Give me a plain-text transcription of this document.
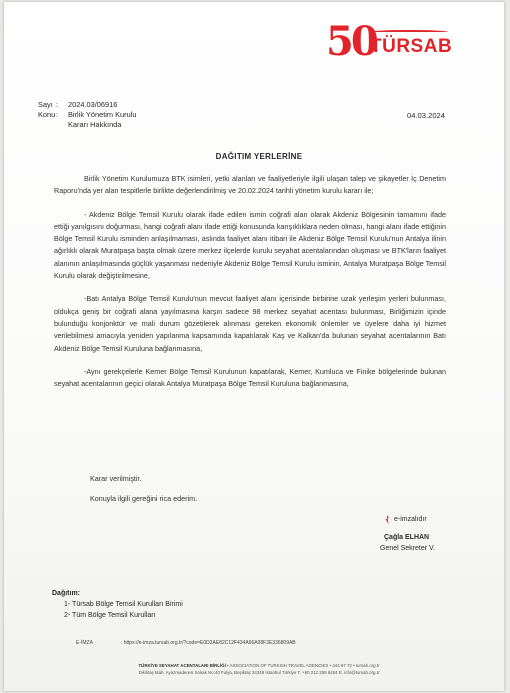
50
TÜRSAB
Sayı :	2024.03/06916
Konu :	Birlik Yönetim Kurulu
Kararı Hakkında
04.03.2024
DAĞITIM YERLERİNE
Birlik Yönetim Kurulumuza BTK isimleri, yetki alanları ve faaliyetleriyle ilgili ulaşan talep ve şikayetler İç Denetim Raporu'nda yer alan tespitlerle birlikte değerlendirilmiş ve 20.02.2024 tarihli yönetim kurulu kararı ile;
- Akdeniz Bölge Temsil Kurulu olarak ifade edilen ismin coğrafi alan olarak Akdeniz Bölgesinin tamamını ifade ettiği yanılgısını doğurması, hangi coğrafi alanı ifade ettiği konusunda karışıklıklara neden olması, hangi alanı ifade ettiğinin Bölge Temsil Kurulu isminden anlaşılmaması, aslında faaliyet alanı itibari ile Akdeniz Bölge Temsil Kurulu'nun Antalya ilinin ağırlıklı olarak Muratpaşa başta olmak üzere merkez ilçelerde kurulu seyahat acentalarından oluşması ve BTK'ların faaliyet alanının anlaşılmasında güçlük yaşanması nedeniyle Akdeniz Bölge Temsil Kurulu isminin, Antalya Muratpaşa Bölge Temsil Kurulu olarak değiştirilmesine,
-Batı Antalya Bölge Temsil Kurulu'nun mevcut faaliyet alanı içerisinde birbirine uzak yerleşim yerleri bulunması, oldukça geniş bir coğrafi alana yayılmasına karşın sadece 98 merkez seyahat acentası bulunması, Birliğimizin içinde bulunduğu konjonktür ve mali durum gözetilerek alınması gereken ekonomik önlemler ve üyelere daha iyi hizmet verilebilmesi amacıyla yeniden yapılanma kapsamında kapatılarak Kaş ve Kalkan'da bulunan seyahat acentalarının Batı Akdeniz Bölge Temsil Kuruluna bağlanmasına,
-Aynı gerekçelerle Kemer Bölge Temsil Kurulunun kapatılarak, Kemer, Kumluca ve Finike bölgelerinde bulunan seyahat acentalarının geçici olarak Antalya Muratpaşa Bölge Temsil Kuruluna bağlanmasına,
Karar verilmiştir.
Konuyla ilgili gereğini rica ederim.
e-imzalıdır
Çağla ELHAN
Genel Sekreter V.
Dağıtım:
1- Türsab Bölge Temsil Kurulları Birimi
2- Tüm Bölge Temsil Kurulları
E-İMZA	: https://e-imza.tursab.org.tr/?code=E0D2AE82C12F434A96A98F3E336809AB
TÜRKİYE SEYAHAT ACENTALARI BİRLİĞİ • ASSOCIATION OF TURKISH TRAVEL AGENCIES • 444 87 72 • tursab.org.tr
Dikilitaş Mah. Ayazmaderesi Sokak No:40 Fulya, Beşiktaş 34349 İstanbul Türkiye T. +90 212 259 8404 E. info@tursab.org.tr
